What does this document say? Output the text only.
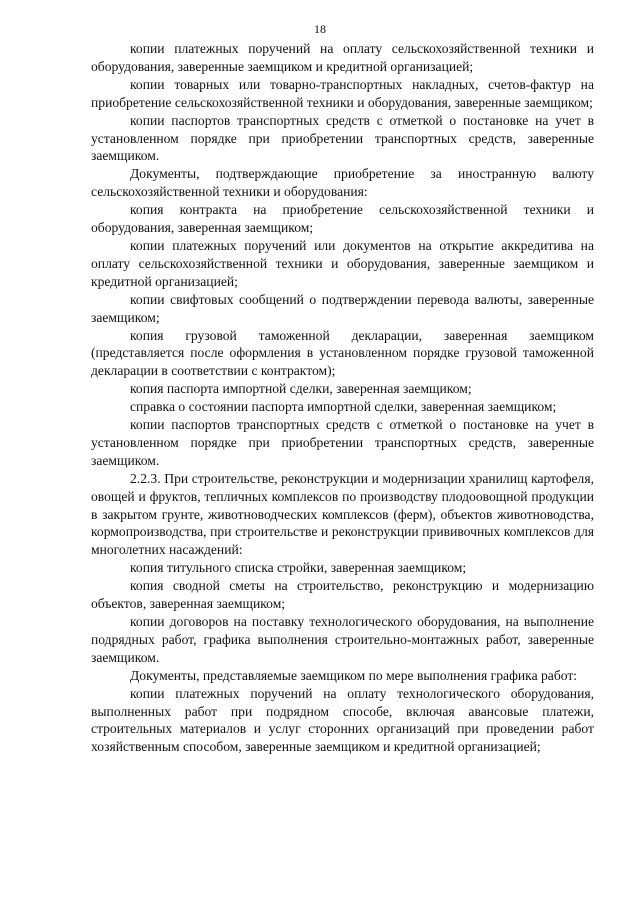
18

копии платежных поручений на оплату сельскохозяйственной техники и оборудования, заверенные заемщиком и кредитной организацией;

копии товарных или товарно-транспортных накладных, счетов-фактур на приобретение сельскохозяйственной техники и оборудования, заверенные заемщиком;

копии паспортов транспортных средств с отметкой о постановке на учет в установленном порядке при приобретении транспортных средств, заверенные заемщиком.

Документы, подтверждающие приобретение за иностранную валюту сельскохозяйственной техники и оборудования:

копия контракта на приобретение сельскохозяйственной техники и оборудования, заверенная заемщиком;

копии платежных поручений или документов на открытие аккредитива на оплату сельскохозяйственной техники и оборудования, заверенные заемщиком и кредитной организацией;

копии свифтовых сообщений о подтверждении перевода валюты, заверенные заемщиком;

копия грузовой таможенной декларации, заверенная заемщиком (представляется после оформления в установленном порядке грузовой таможенной декларации в соответствии с контрактом);

копия паспорта импортной сделки, заверенная заемщиком;

справка о состоянии паспорта импортной сделки, заверенная заемщиком;

копии паспортов транспортных средств с отметкой о постановке на учет в установленном порядке при приобретении транспортных средств, заверенные заемщиком.

2.2.3. При строительстве, реконструкции и модернизации хранилищ картофеля, овощей и фруктов, тепличных комплексов по производству плодоовощной продукции в закрытом грунте, животноводческих комплексов (ферм), объектов животноводства, кормопроизводства, при строительстве и реконструкции прививочных комплексов для многолетних насаждений:

копия титульного списка стройки, заверенная заемщиком;

копия сводной сметы на строительство, реконструкцию и модернизацию объектов, заверенная заемщиком;

копии договоров на поставку технологического оборудования, на выполнение подрядных работ, графика выполнения строительно-монтажных работ, заверенные заемщиком.

Документы, представляемые заемщиком по мере выполнения графика работ:

копии платежных поручений на оплату технологического оборудования, выполненных работ при подрядном способе, включая авансовые платежи, строительных материалов и услуг сторонних организаций при проведении работ хозяйственным способом, заверенные заемщиком и кредитной организацией;
